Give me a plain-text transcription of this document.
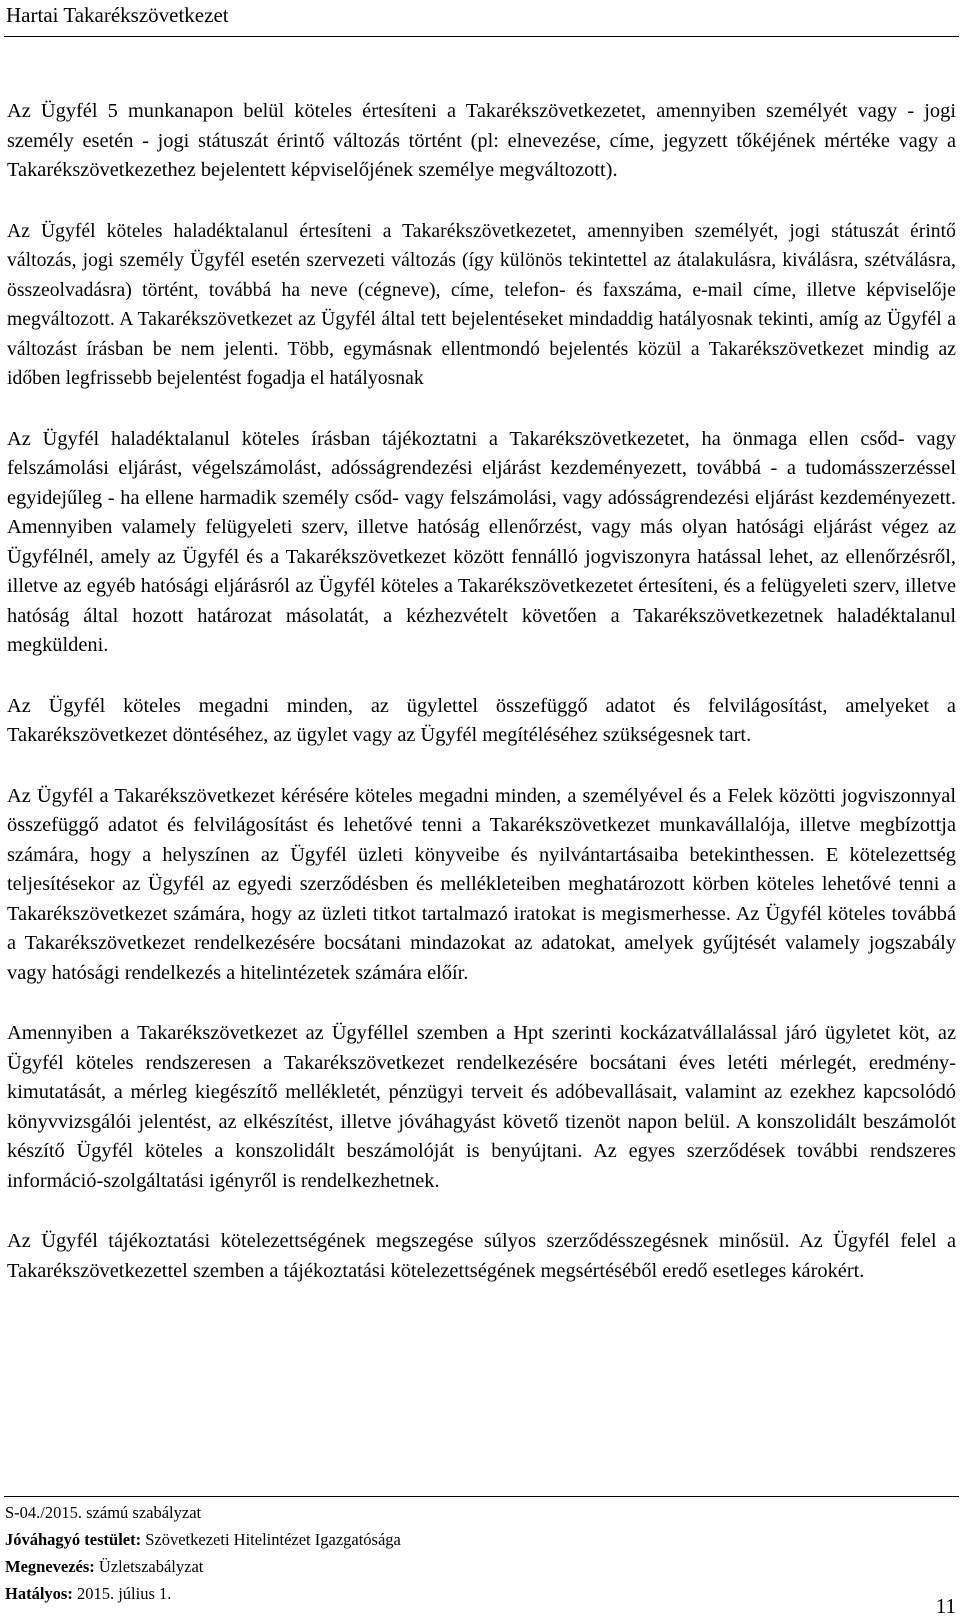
Hartai Takarékszövetkezet

Az Ügyfél 5 munkanapon belül köteles értesíteni a Takarékszövetkezetet, amennyiben személyét vagy - jogi személy esetén - jogi státuszát érintő változás történt (pl: elnevezése, címe, jegyzett tőkéjének mértéke vagy a Takarékszövetkezethez bejelentett képviselőjének személye megváltozott).

Az Ügyfél köteles haladéktalanul értesíteni a Takarékszövetkezetet, amennyiben személyét, jogi státuszát érintő változás, jogi személy Ügyfél esetén szervezeti változás (így különös tekintettel az átalakulásra, kiválásra, szétválásra, összeolvadásra) történt, továbbá ha neve (cégneve), címe, telefon- és faxszáma, e-mail címe, illetve képviselője megváltozott. A Takarékszövetkezet az Ügyfél által tett bejelentéseket mindaddig hatályosnak tekinti, amíg az Ügyfél a változást írásban be nem jelenti. Több, egymásnak ellentmondó bejelentés közül a Takarékszövetkezet mindig az időben legfrissebb bejelentést fogadja el hatályosnak

Az Ügyfél haladéktalanul köteles írásban tájékoztatni a Takarékszövetkezetet, ha önmaga ellen csőd- vagy felszámolási eljárást, végelszámolást, adósságrendezési eljárást kezdeményezett, továbbá - a tudomásszerzéssel egyidejűleg - ha ellene harmadik személy csőd- vagy felszámolási, vagy adósságrendezési eljárást kezdeményezett. Amennyiben valamely felügyeleti szerv, illetve hatóság ellenőrzést, vagy más olyan hatósági eljárást végez az Ügyfélnél, amely az Ügyfél és a Takarékszövetkezet között fennálló jogviszonyra hatással lehet, az ellenőrzésről, illetve az egyéb hatósági eljárásról az Ügyfél köteles a Takarékszövetkezetet értesíteni, és a felügyeleti szerv, illetve hatóság által hozott határozat másolatát, a kézhezvételt követően a Takarékszövetkezetnek haladéktalanul megküldeni.

Az Ügyfél köteles megadni minden, az ügylettel összefüggő adatot és felvilágosítást, amelyeket a Takarékszövetkezet döntéséhez, az ügylet vagy az Ügyfél megítéléséhez szükségesnek tart.

Az Ügyfél a Takarékszövetkezet kérésére köteles megadni minden, a személyével és a Felek közötti jogviszonnyal összefüggő adatot és felvilágosítást és lehetővé tenni a Takarékszövetkezet munkavállalója, illetve megbízottja számára, hogy a helyszínen az Ügyfél üzleti könyveibe és nyilvántartásaiba betekinthessen. E kötelezettség teljesítésekor az Ügyfél az egyedi szerződésben és mellékleteiben meghatározott körben köteles lehetővé tenni a Takarékszövetkezet számára, hogy az üzleti titkot tartalmazó iratokat is megismerhesse. Az Ügyfél köteles továbbá a Takarékszövetkezet rendelkezésére bocsátani mindazokat az adatokat, amelyek gyűjtését valamely jogszabály vagy hatósági rendelkezés a hitelintézetek számára előír.

Amennyiben a Takarékszövetkezet az Ügyféllel szemben a Hpt szerinti kockázatvállalással járó ügyletet köt, az Ügyfél köteles rendszeresen a Takarékszövetkezet rendelkezésére bocsátani éves letéti mérlegét, eredmény-kimutatását, a mérleg kiegészítő mellékletét, pénzügyi terveit és adóbevallásait, valamint az ezekhez kapcsolódó könyvvizsgálói jelentést, az elkészítést, illetve jóváhagyást követő tizenöt napon belül. A konszolidált beszámolót készítő Ügyfél köteles a konszolidált beszámolóját is benyújtani. Az egyes szerződések további rendszeres információ-szolgáltatási igényről is rendelkezhetnek.

Az Ügyfél tájékoztatási kötelezettségének megszegése súlyos szerződésszegésnek minősül. Az Ügyfél felel a Takarékszövetkezettel szemben a tájékoztatási kötelezettségének megsértéséből eredő esetleges károkért.

S-04./2015. számú szabályzat
Jóváhagyó testület: Szövetkezeti Hitelintézet Igazgatósága
Megnevezés: Üzletszabályzat
Hatályos: 2015. július 1.
11
